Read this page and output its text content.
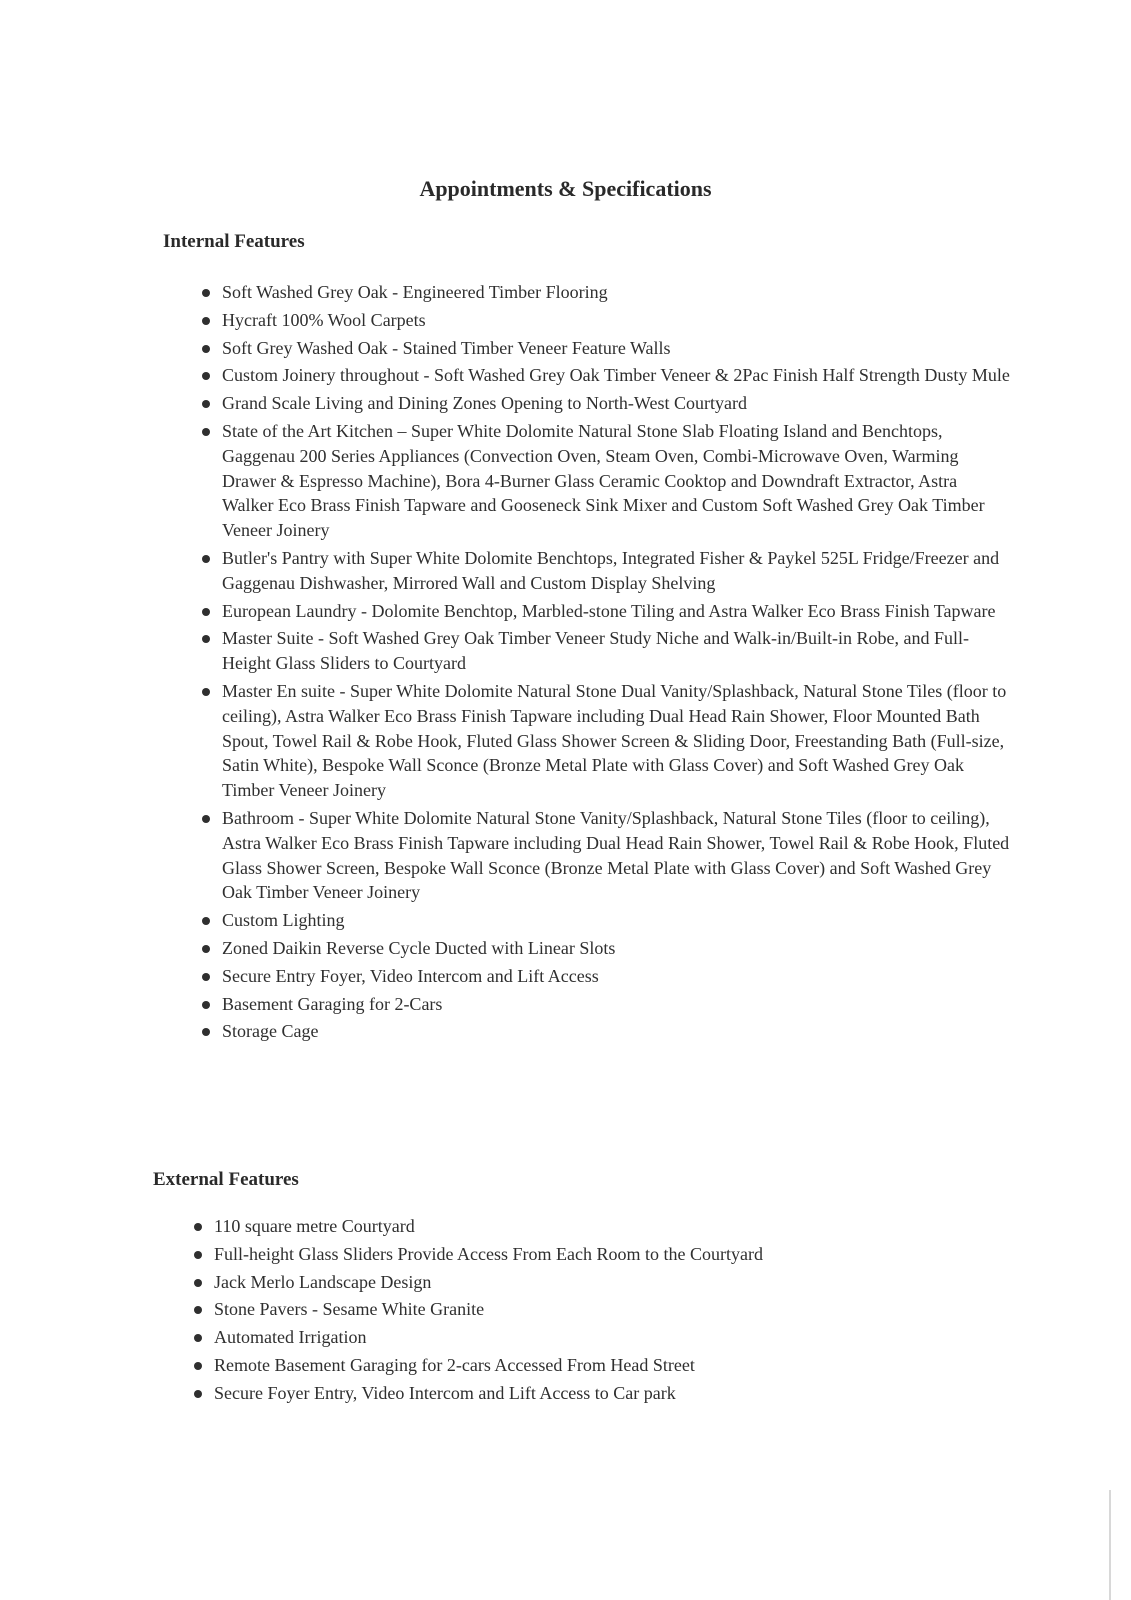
Appointments & Specifications
Internal Features
Soft Washed Grey Oak - Engineered Timber Flooring
Hycraft 100% Wool Carpets
Soft Grey Washed Oak - Stained Timber Veneer Feature Walls
Custom Joinery throughout - Soft Washed Grey Oak Timber Veneer & 2Pac Finish Half Strength Dusty Mule
Grand Scale Living and Dining Zones Opening to North-West Courtyard
State of the Art Kitchen – Super White Dolomite Natural Stone Slab Floating Island and Benchtops, Gaggenau 200 Series Appliances (Convection Oven, Steam Oven, Combi-Microwave Oven, Warming Drawer & Espresso Machine), Bora 4-Burner Glass Ceramic Cooktop and Downdraft Extractor, Astra Walker Eco Brass Finish Tapware and Gooseneck Sink Mixer and Custom Soft Washed Grey Oak Timber Veneer Joinery
Butler's Pantry with Super White Dolomite Benchtops, Integrated Fisher & Paykel 525L Fridge/Freezer and Gaggenau Dishwasher, Mirrored Wall and Custom Display Shelving
European Laundry - Dolomite Benchtop, Marbled-stone Tiling and Astra Walker Eco Brass Finish Tapware
Master Suite - Soft Washed Grey Oak Timber Veneer Study Niche and Walk-in/Built-in Robe, and Full-Height Glass Sliders to Courtyard
Master En suite - Super White Dolomite Natural Stone Dual Vanity/Splashback, Natural Stone Tiles (floor to ceiling), Astra Walker Eco Brass Finish Tapware including Dual Head Rain Shower, Floor Mounted Bath Spout, Towel Rail & Robe Hook, Fluted Glass Shower Screen & Sliding Door, Freestanding Bath (Full-size, Satin White), Bespoke Wall Sconce (Bronze Metal Plate with Glass Cover) and Soft Washed Grey Oak Timber Veneer Joinery
Bathroom - Super White Dolomite Natural Stone Vanity/Splashback, Natural Stone Tiles (floor to ceiling), Astra Walker Eco Brass Finish Tapware including Dual Head Rain Shower, Towel Rail & Robe Hook, Fluted Glass Shower Screen, Bespoke Wall Sconce (Bronze Metal Plate with Glass Cover) and Soft Washed Grey Oak Timber Veneer Joinery
Custom Lighting
Zoned Daikin Reverse Cycle Ducted with Linear Slots
Secure Entry Foyer, Video Intercom and Lift Access
Basement Garaging for 2-Cars
Storage Cage
External Features
110 square metre Courtyard
Full-height Glass Sliders Provide Access From Each Room to the Courtyard
Jack Merlo Landscape Design
Stone Pavers - Sesame White Granite
Automated Irrigation
Remote Basement Garaging for 2-cars Accessed From Head Street
Secure Foyer Entry, Video Intercom and Lift Access to Car park
